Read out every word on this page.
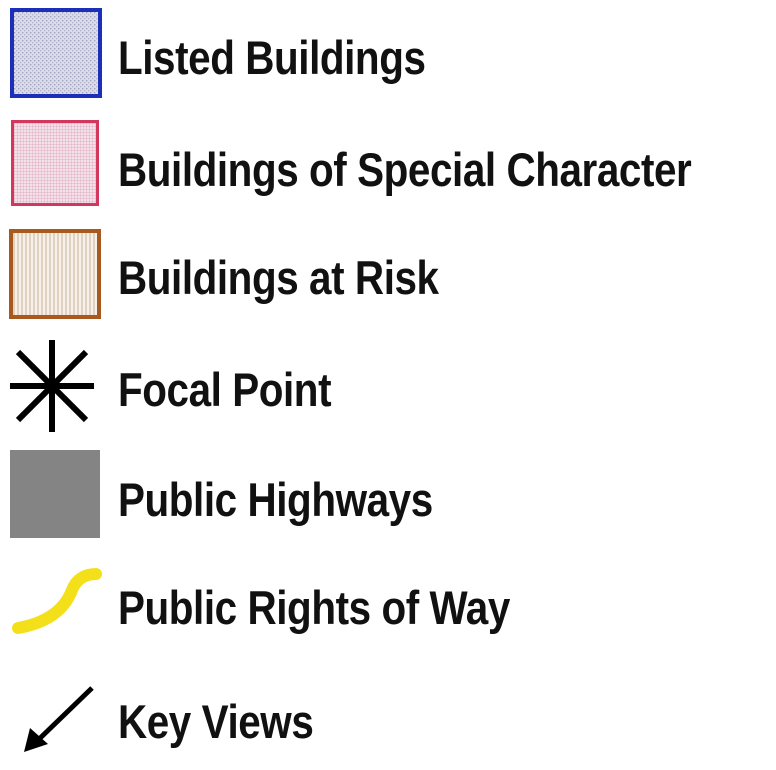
Listed Buildings
Buildings of Special Character
Buildings at Risk
Focal Point
Public Highways
Public Rights of Way
Key Views
